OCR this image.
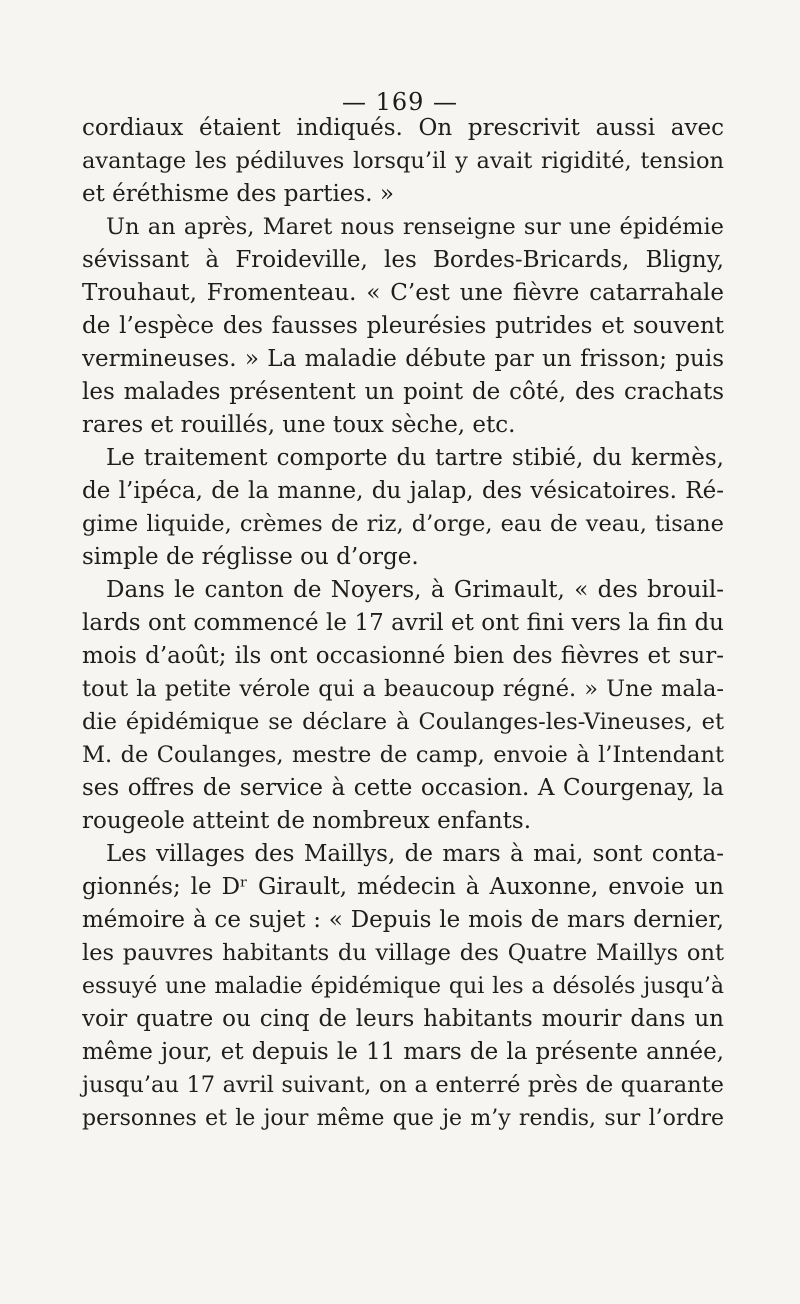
— 169 —
cordiaux étaient indiqués. On prescrivit aussi avec
avantage les pédiluves lorsqu’il y avait rigidité, tension
et éréthisme des parties. »
Un an après, Maret nous renseigne sur une épidémie
sévissant à Froideville, les Bordes-Bricards, Bligny,
Trouhaut, Fromenteau. « C’est une fièvre catarrahale
de l’espèce des fausses pleurésies putrides et souvent
vermineuses. » La maladie débute par un frisson; puis
les malades présentent un point de côté, des crachats
rares et rouillés, une toux sèche, etc.
Le traitement comporte du tartre stibié, du kermès,
de l’ipéca, de la manne, du jalap, des vésicatoires. Ré-
gime liquide, crèmes de riz, d’orge, eau de veau, tisane
simple de réglisse ou d’orge.
Dans le canton de Noyers, à Grimault, « des brouil-
lards ont commencé le 17 avril et ont fini vers la fin du
mois d’août; ils ont occasionné bien des fièvres et sur-
tout la petite vérole qui a beaucoup régné. » Une mala-
die épidémique se déclare à Coulanges-les-Vineuses, et
M. de Coulanges, mestre de camp, envoie à l’Intendant
ses offres de service à cette occasion. A Courgenay, la
rougeole atteint de nombreux enfants.
Les villages des Maillys, de mars à mai, sont conta-
gionnés; le Dʳ Girault, médecin à Auxonne, envoie un
mémoire à ce sujet : « Depuis le mois de mars dernier,
les pauvres habitants du village des Quatre Maillys ont
essuyé une maladie épidémique qui les a désolés jusqu’à
voir quatre ou cinq de leurs habitants mourir dans un
même jour, et depuis le 11 mars de la présente année,
jusqu’au 17 avril suivant, on a enterré près de quarante
personnes et le jour même que je m’y rendis, sur l’ordre
